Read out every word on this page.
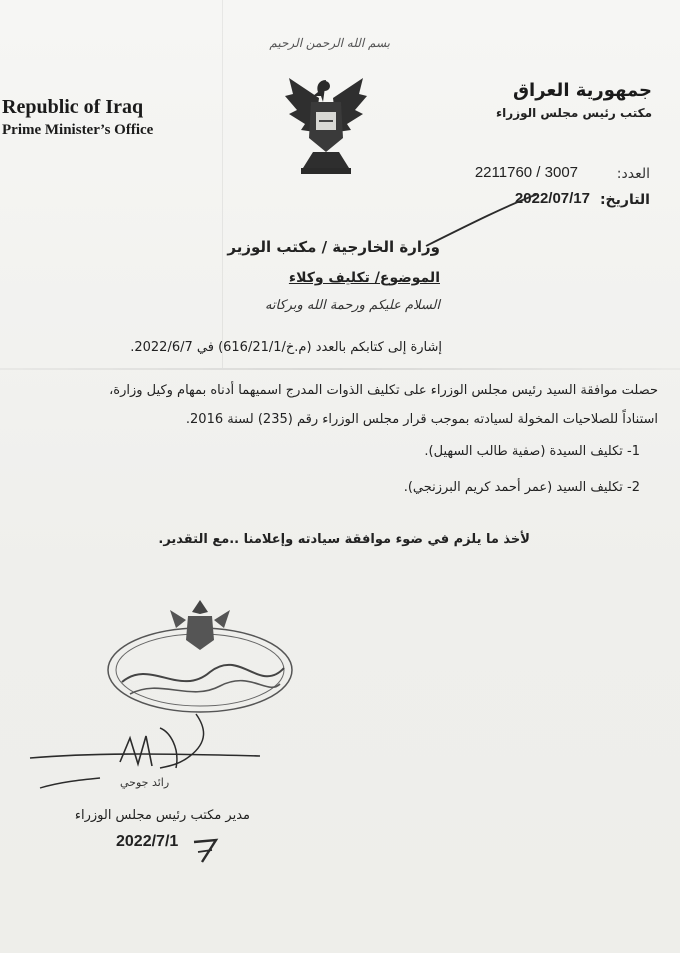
بسم الله الرحمن الرحيم
Republic of Iraq
Prime Minister’s Office
جمهورية العراق
مكتب رئيس مجلس الوزراء
العدد:
2211760 / 3007
التاريخ:
2022/07/17
وزارة الخارجية / مكتب الوزير
الموضوع/ تكليف وكلاء
السلام عليكم ورحمة الله وبركاته
إشارة إلى كتابكم بالعدد (م.خ/616/21/1) في 2022/6/7.
حصلت موافقة السيد رئيس مجلس الوزراء على تكليف الذوات المدرج اسميهما أدناه بمهام وكيل وزارة،
استناداً للصلاحيات المخولة لسيادته بموجب قرار مجلس الوزراء رقم (235) لسنة 2016.
1- تكليف السيدة (صفية طالب السهيل).
2- تكليف السيد (عمر أحمد كريم البرزنجي).
لأخذ ما يلزم في ضوء موافقة سيادته وإعلامنا ..مع التقدير.
رائد جوحي
مدير مكتب رئيس مجلس الوزراء
2022/7/1
